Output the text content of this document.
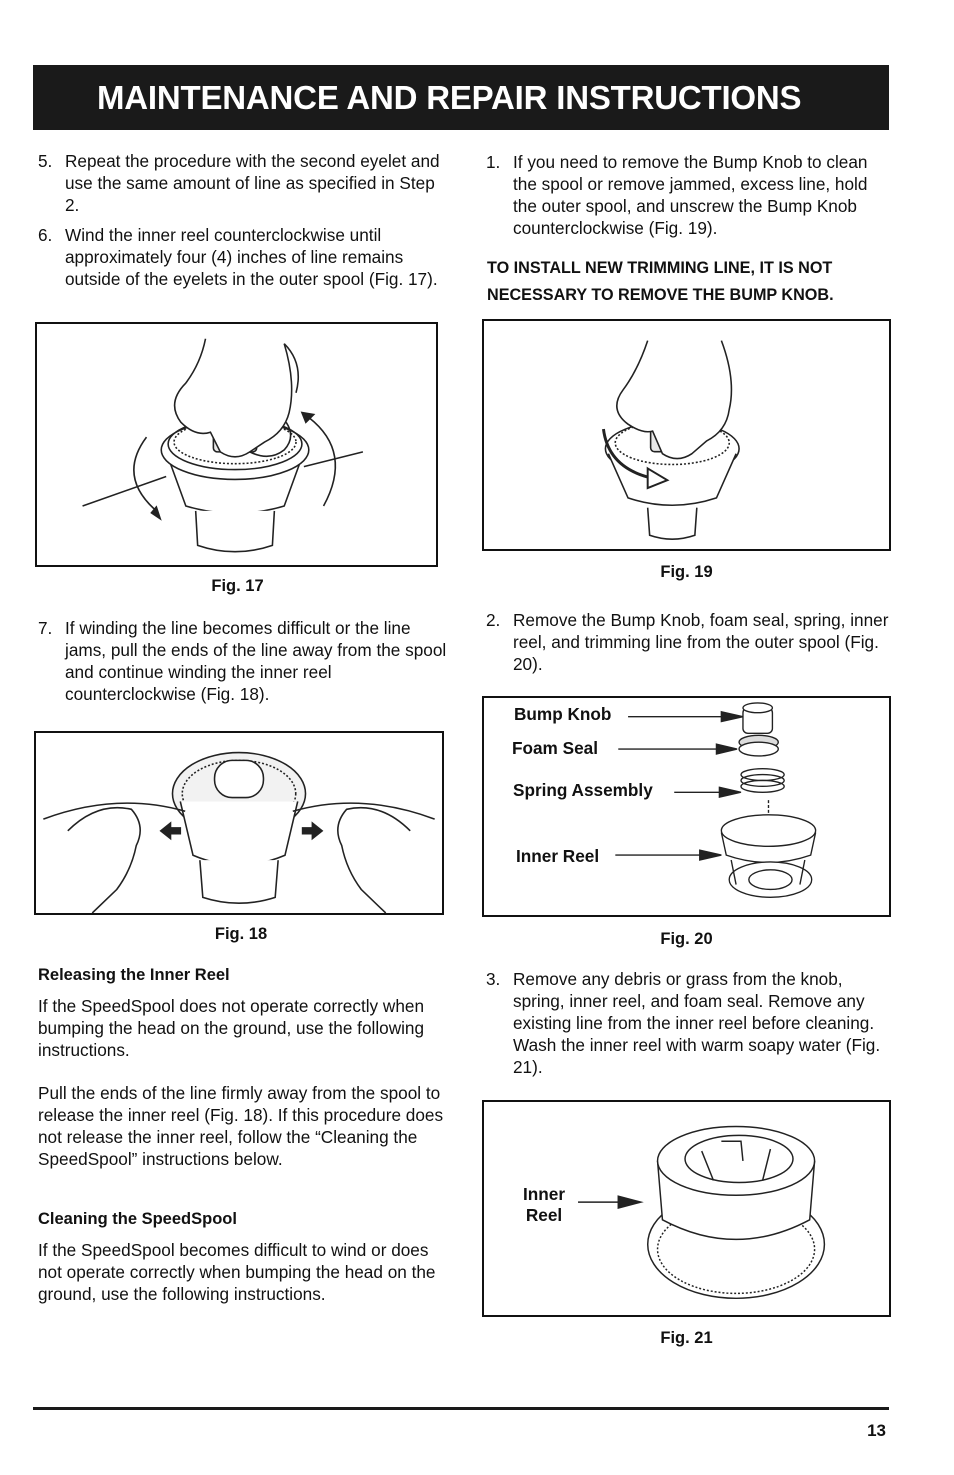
MAINTENANCE AND REPAIR INSTRUCTIONS
5. Repeat the procedure with the second eyelet and use the same amount of line as specified in Step 2.
6. Wind the inner reel counterclockwise until approximately four (4) inches of line remains outside of the eyelets in the outer spool (Fig. 17).
Fig. 17
7. If winding the line becomes difficult or the line jams, pull the ends of the line away from the spool and continue winding the inner reel counterclockwise (Fig. 18).
Fig. 18
Releasing the Inner Reel
If the SpeedSpool does not operate correctly when bumping the head on the ground, use the following instructions.
Pull the ends of the line firmly away from the spool to release the inner reel (Fig. 18). If this procedure does not release the inner reel, follow the “Cleaning the SpeedSpool” instructions below.
Cleaning the SpeedSpool
If the SpeedSpool becomes difficult to wind or does not operate correctly when bumping the head on the ground, use the following instructions.
1. If you need to remove the Bump Knob to clean the spool or remove jammed, excess line, hold the outer spool, and unscrew the Bump Knob counterclockwise (Fig. 19).
TO INSTALL NEW TRIMMING LINE, IT IS NOT NECESSARY TO REMOVE THE BUMP KNOB.
Fig. 19
2. Remove the Bump Knob, foam seal, spring, inner reel, and trimming line from the outer spool (Fig. 20).
Bump Knob
Foam Seal
Spring Assembly
Inner Reel
Fig. 20
3. Remove any debris or grass from the knob, spring, inner reel, and foam seal. Remove any existing line from the inner reel before cleaning. Wash the inner reel with warm soapy water (Fig. 21).
Inner
Reel
Fig. 21
13
